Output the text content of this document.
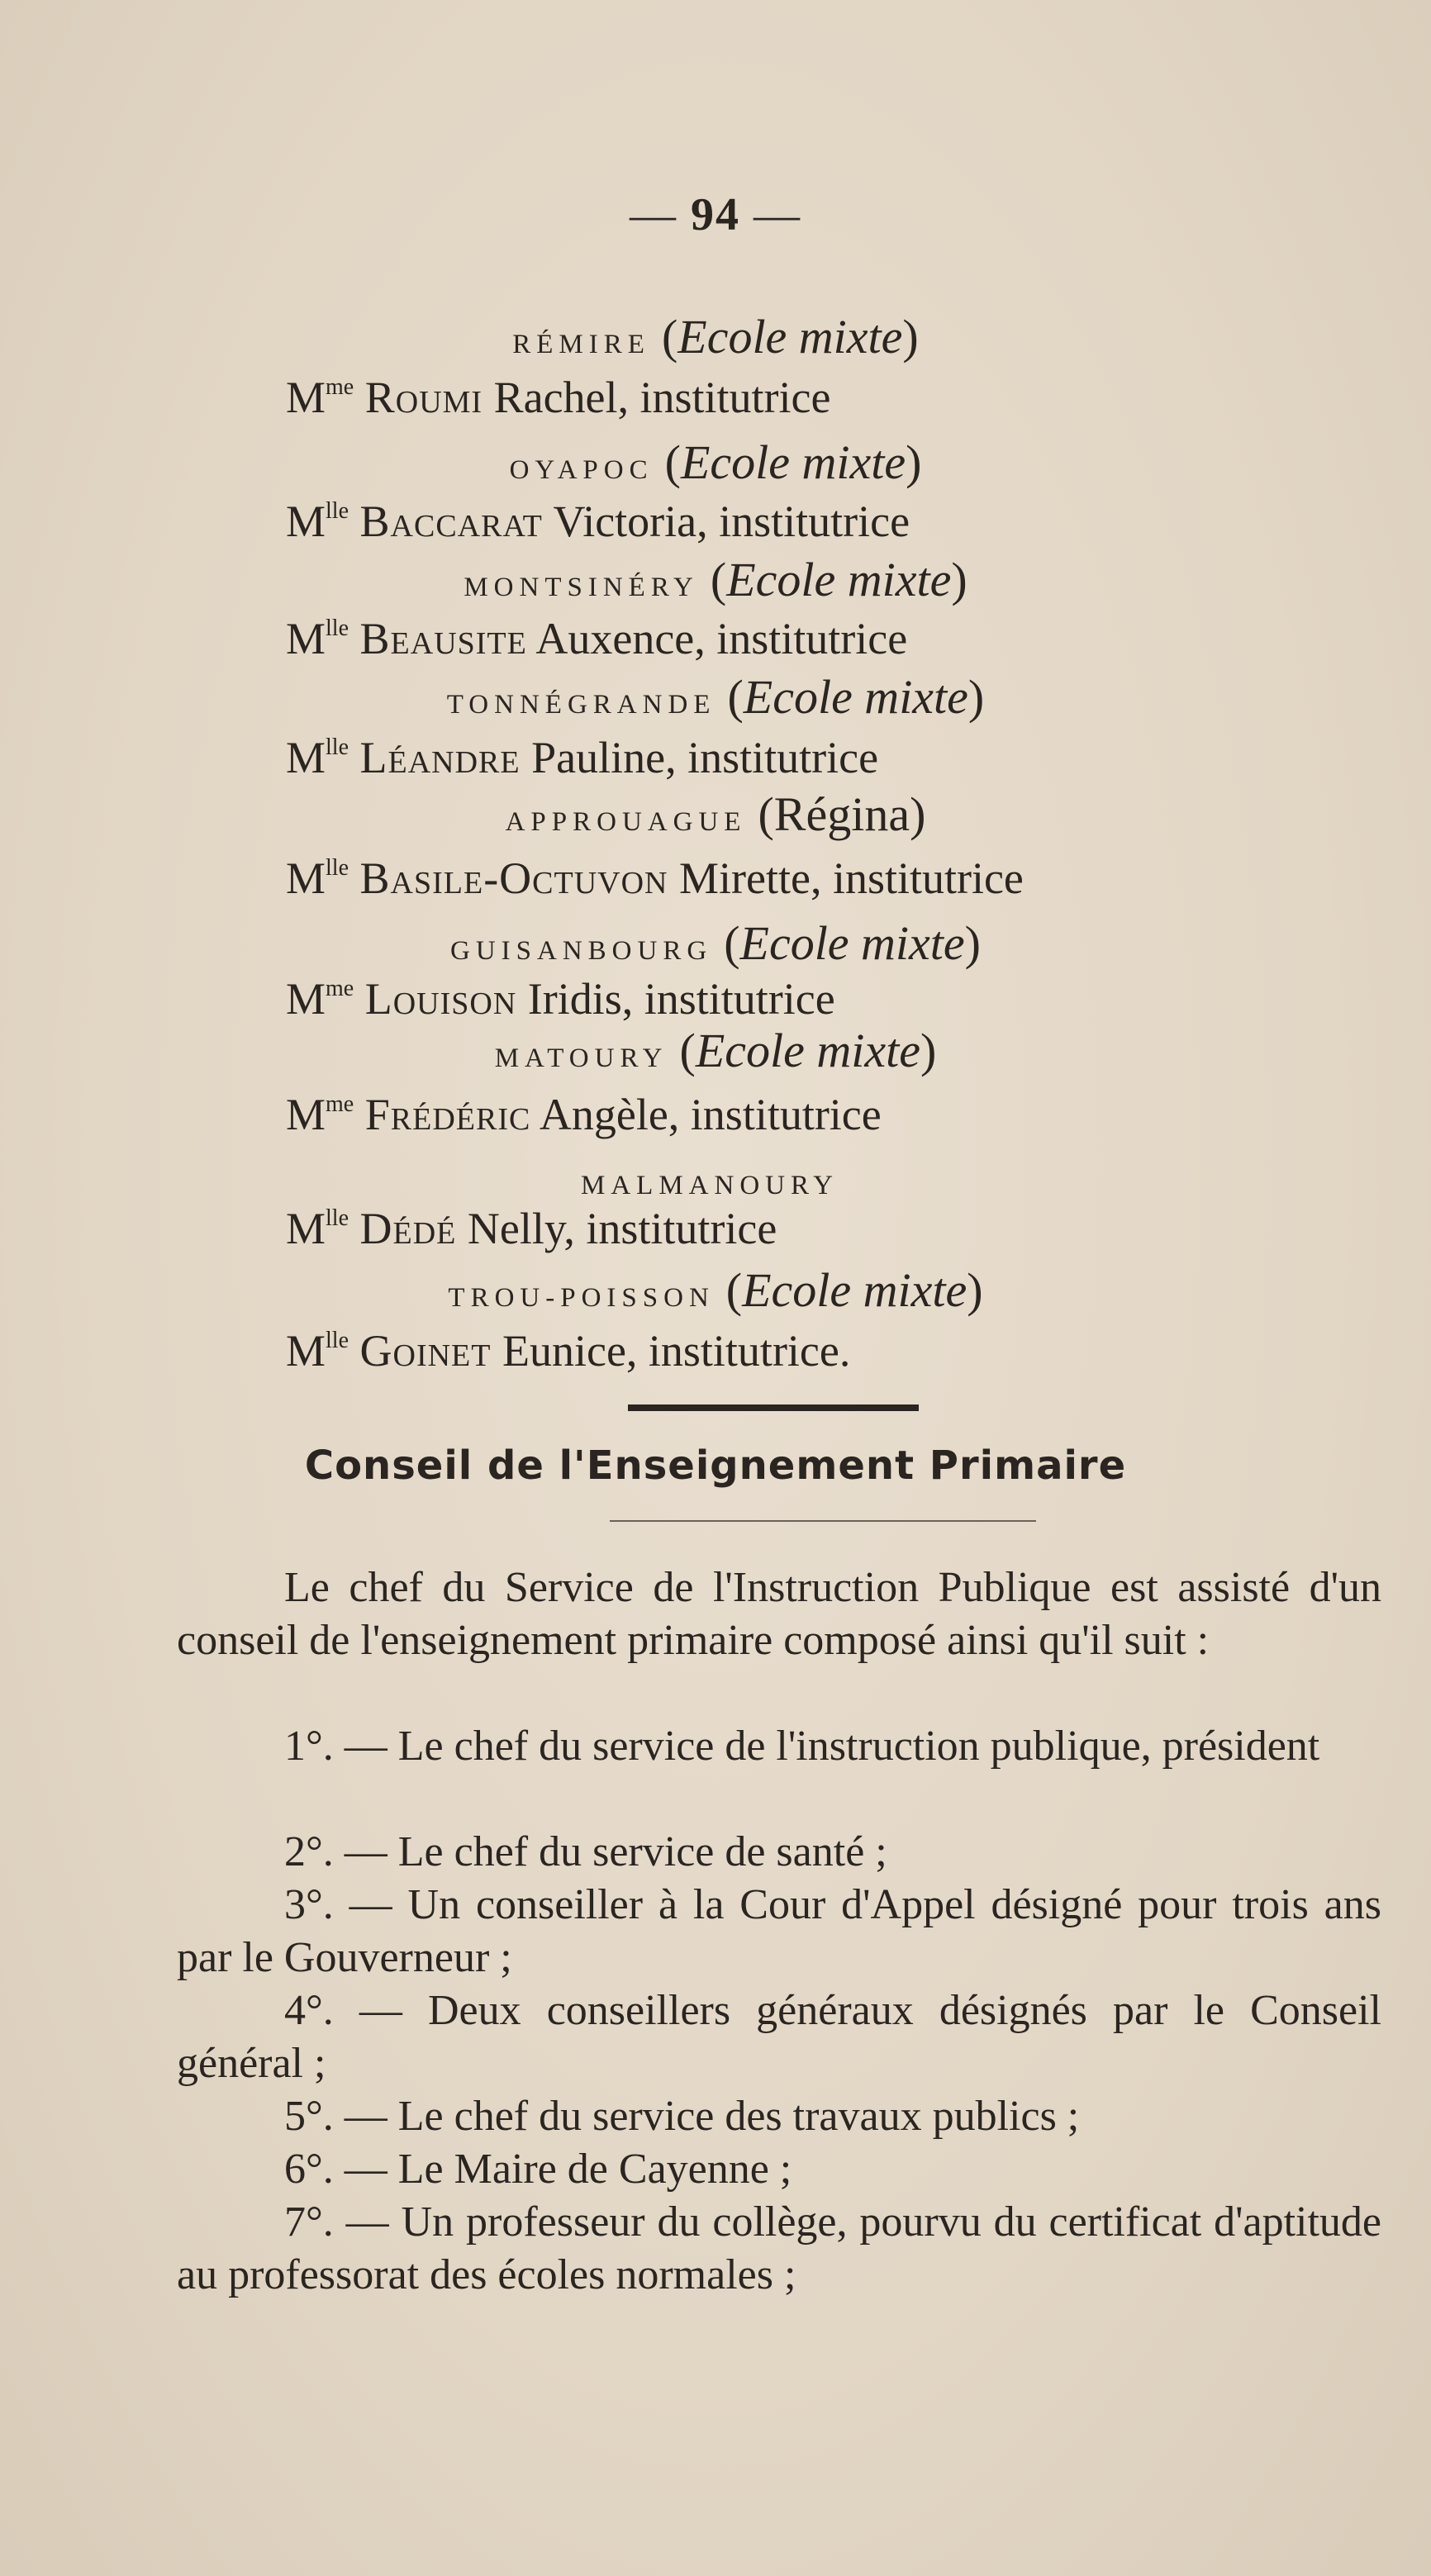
— 94 —
RÉMIRE (Ecole mixte)
$M^{me}$ Roumi Rachel, institutrice
OYAPOC (Ecole mixte)
$M^{lle}$ Baccarat Victoria, institutrice
MONTSINÉRY (Ecole mixte)
$M^{lle}$ Beausite Auxence, institutrice
TONNÉGRANDE (Ecole mixte)
$M^{lle}$ Léandre Pauline, institutrice
APPROUAGUE (Régina)
$M^{lle}$ Basile-Octuvon Mirette, institutrice
GUISANBOURG (Ecole mixte)
$M^{me}$ Louison Iridis, institutrice
MATOURY (Ecole mixte)
$M^{me}$ Frédéric Angèle, institutrice
MALMANOURY
$M^{lle}$ Dédé Nelly, institutrice
TROU-POISSON (Ecole mixte)
$M^{lle}$ Goinet Eunice, institutrice.
Conseil de l'Enseignement Primaire

Le chef du Service de l'Instruction Publique est assisté d'un conseil de l'enseignement primaire composé ainsi qu'il suit :

1°. — Le chef du service de l'instruction publique, président

2°. — Le chef du service de santé ;

3°. — Un conseiller à la Cour d'Appel désigné pour trois ans par le Gouverneur ;

4°. — Deux conseillers généraux désignés par le Conseil général ;

5°. — Le chef du service des travaux publics ;

6°. — Le Maire de Cayenne ;

7°. — Un professeur du collège, pourvu du certificat d'aptitude au professorat des écoles normales ;
